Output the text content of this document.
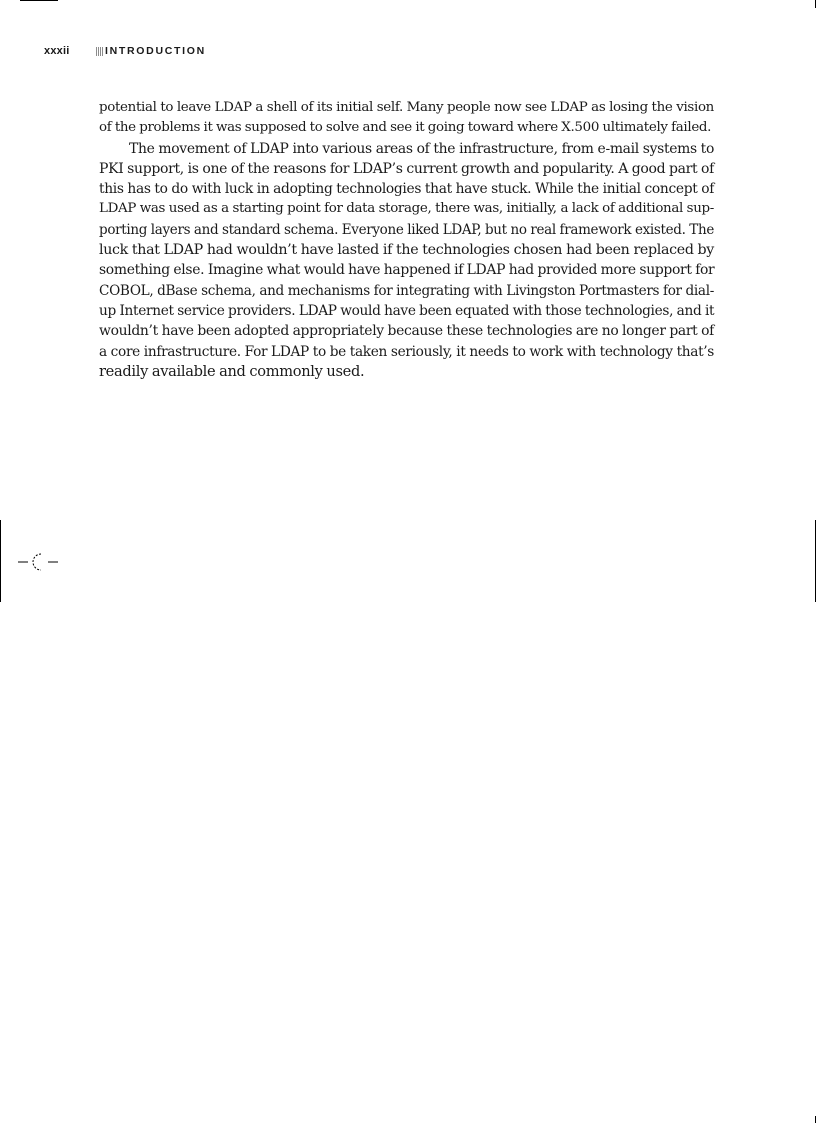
xxxii	INTRODUCTION
potential to leave LDAP a shell of its initial self. Many people now see LDAP as losing the vision
of the problems it was supposed to solve and see it going toward where X.500 ultimately failed.
The movement of LDAP into various areas of the infrastructure, from e-mail systems to
PKI support, is one of the reasons for LDAP’s current growth and popularity. A good part of
this has to do with luck in adopting technologies that have stuck. While the initial concept of
LDAP was used as a starting point for data storage, there was, initially, a lack of additional sup-
porting layers and standard schema. Everyone liked LDAP, but no real framework existed. The
luck that LDAP had wouldn’t have lasted if the technologies chosen had been replaced by
something else. Imagine what would have happened if LDAP had provided more support for
COBOL, dBase schema, and mechanisms for integrating with Livingston Portmasters for dial-
up Internet service providers. LDAP would have been equated with those technologies, and it
wouldn’t have been adopted appropriately because these technologies are no longer part of
a core infrastructure. For LDAP to be taken seriously, it needs to work with technology that’s
readily available and commonly used.
